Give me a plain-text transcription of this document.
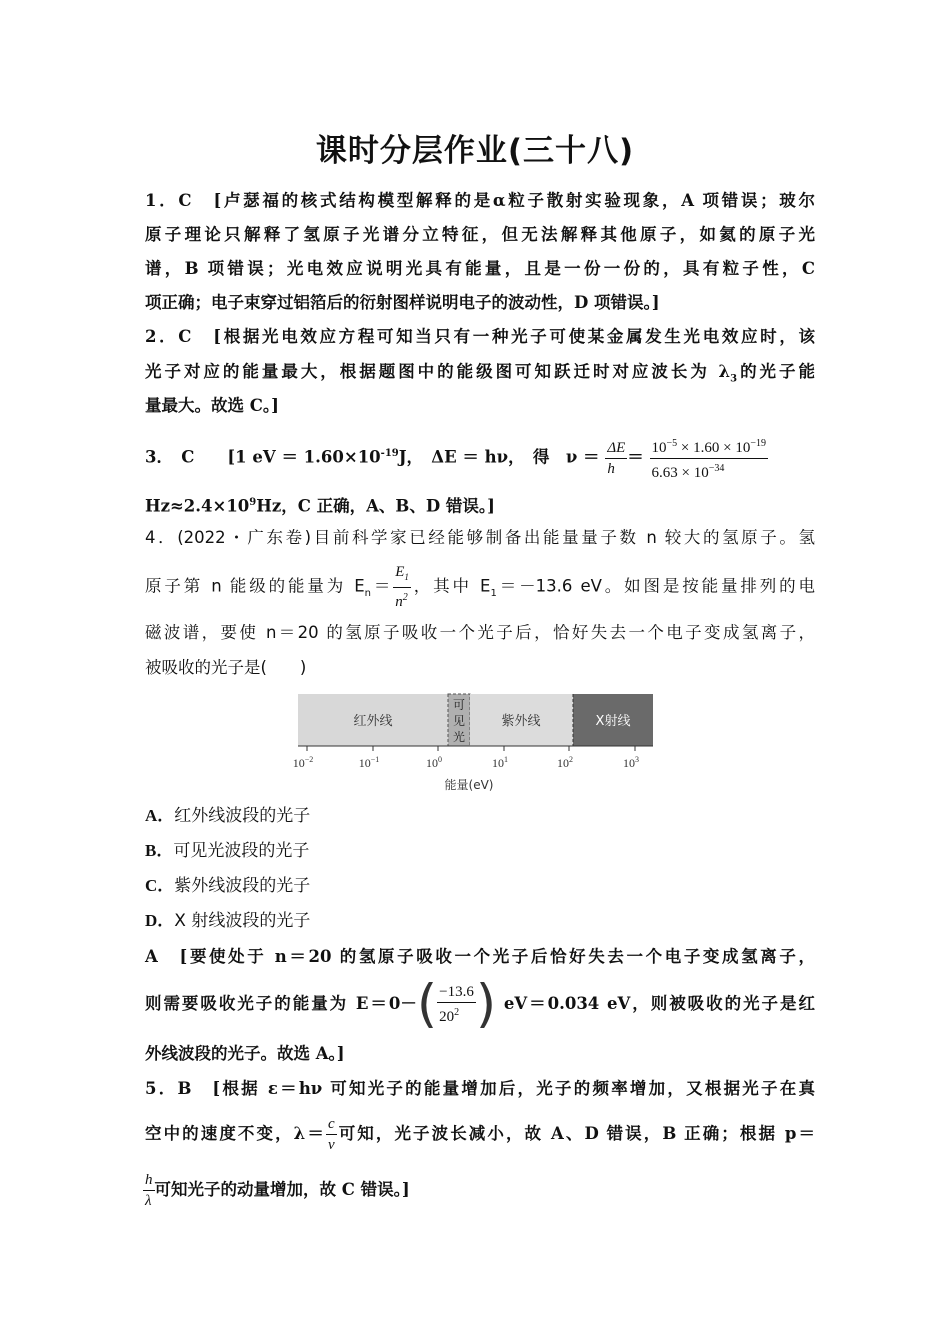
课时分层作业(三十八)
1．C　[卢瑟福的核式结构模型解释的是α粒子散射实验现象，A 项错误；玻尔
原子理论只解释了氢原子光谱分立特征，但无法解释其他原子，如氦的原子光
谱，B 项错误；光电效应说明光具有能量，且是一份一份的，具有粒子性，C
项正确；电子束穿过铝箔后的衍射图样说明电子的波动性，D 项错误。]
2．C　[根据光电效应方程可知当只有一种光子可使某金属发生光电效应时，该
光子对应的能量最大，根据题图中的能级图可知跃迁时对应波长为 $\lambda_3$的光子能
量最大。故选 C。]
3．　C　　[1 eV ＝ $1.60\times 10^{-19}J$，　ΔE ＝ hν，　得　$\nu = \frac{\Delta E}{h} = \frac{10^{-5} \times 1.60 \times 10^{-19}}{6.63 \times 10^{-34}}$
$Hz\approx 2.4\times 10^9Hz$，C 正确，A、B、D 错误。]
4．(2022・广东卷)目前科学家已经能够制备出能量量子数 n 较大的氢原子。氢
原子第 n 能级的能量为 $E_n= \frac{E_1}{n^2}$ ，其中 $E_1=-13.6$ eV。如图是按能量排列的电
磁波谱，要使 n＝20 的氢原子吸收一个光子后，恰好失去一个电子变成氢离子，
被吸收的光子是(　　)
红外线
可
见
光
紫外线	X射线
$10^{-2}$	$10^{-1}$	$10^0$	$10^1$	$10^2$	$10^3$
能量(eV)
A．红外线波段的光子
B．可见光波段的光子
C．紫外线波段的光子
D．X 射线波段的光子
A　[要使处于 n＝20 的氢原子吸收一个光子后恰好失去一个电子变成氢离子，
则需要吸收光子的能量为 $E=0-( \frac{-13.6}{20^2}$ ) eV＝0.034 eV，则被吸收的光子是红
外线波段的光子。故选 A。]
5．B　[根据 ε＝hν 可知光子的能量增加后，光子的频率增加，又根据光子在真
空中的速度不变，$\lambda= \frac{c}{\nu}$ 可知，光子波长减小，故 A、D 错误，B 正确；根据 p＝
$\frac{h}{\lambda}$ 可知光子的动量增加，故 C 错误。]
